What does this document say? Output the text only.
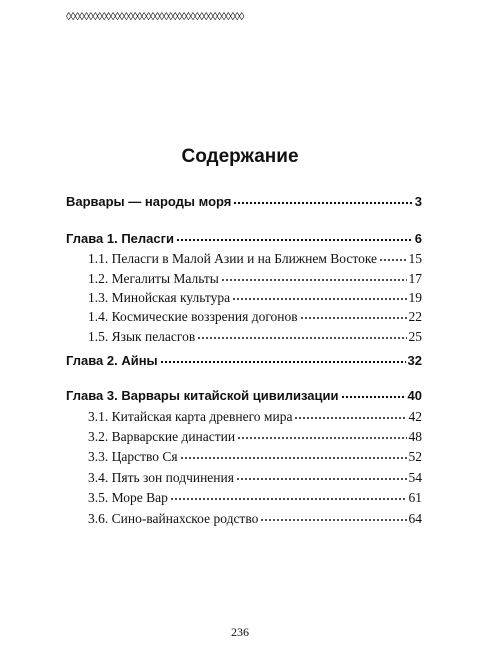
◊◊◊◊◊◊◊◊◊◊◊◊◊◊◊◊◊◊◊◊◊◊◊◊◊◊◊◊◊◊◊◊◊◊◊◊◊◊◊◊
Содержание
Варвары — народы моря	3
Глава 1. Пеласги	6
1.1. Пеласги в Малой Азии и на Ближнем Востоке 15
1.2. Мегалиты Мальты	17
1.3. Минойская культура	19
1.4. Космические воззрения догонов	22
1.5. Язык пеласгов	25
Глава 2. Айны	32
Глава 3. Варвары китайской цивилизации	40
3.1. Китайская карта древнего мира	42
3.2. Варварские династии	48
3.3. Царство Ся	52
3.4. Пять зон подчинения	54
3.5. Море Вар	61
3.6. Сино-вайнахское родство	64
236
